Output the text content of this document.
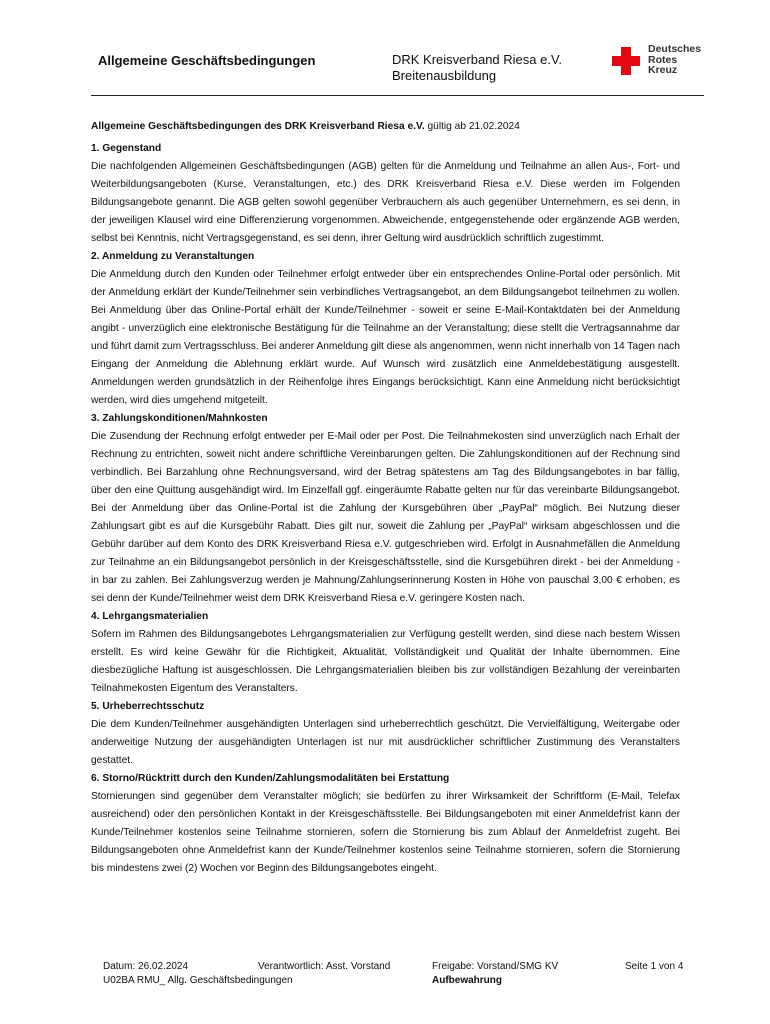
Allgemeine Geschäftsbedingungen	DRK Kreisverband Riesa e.V.
Breitenausbildung
Deutsches
Rotes
Kreuz
Allgemeine Geschäftsbedingungen des DRK Kreisverband Riesa e.V. gültig ab 21.02.2024
1. Gegenstand

Die nachfolgenden Allgemeinen Geschäftsbedingungen (AGB) gelten für die Anmeldung und Teilnahme an allen Aus-, Fort- und Weiterbildungsangeboten (Kurse, Veranstaltungen, etc.) des DRK Kreisverband Riesa e.V. Diese werden im Folgenden Bildungsangebote genannt. Die AGB gelten sowohl gegenüber Verbrauchern als auch gegenüber Unternehmern, es sei denn, in der jeweiligen Klausel wird eine Differenzierung vorgenommen. Abweichende, entgegenstehende oder ergänzende AGB werden, selbst bei Kenntnis, nicht Vertragsgegenstand, es sei denn, ihrer Geltung wird ausdrücklich schriftlich zugestimmt.

2. Anmeldung zu Veranstaltungen

Die Anmeldung durch den Kunden oder Teilnehmer erfolgt entweder über ein entsprechendes Online-Portal oder persönlich. Mit der Anmeldung erklärt der Kunde/Teilnehmer sein verbindliches Vertragsangebot, an dem Bildungsangebot teilnehmen zu wollen. Bei Anmeldung über das Online-Portal erhält der Kunde/Teilnehmer - soweit er seine E-Mail-Kontaktdaten bei der Anmeldung angibt - unverzüglich eine elektronische Bestätigung für die Teilnahme an der Veranstaltung; diese stellt die Vertragsannahme dar und führt damit zum Vertragsschluss. Bei anderer Anmeldung gilt diese als angenommen, wenn nicht innerhalb von 14 Tagen nach Eingang der Anmeldung die Ablehnung erklärt wurde. Auf Wunsch wird zusätzlich eine Anmeldebestätigung ausgestellt. Anmeldungen werden grundsätzlich in der Reihenfolge ihres Eingangs berücksichtigt. Kann eine Anmeldung nicht berücksichtigt werden, wird dies umgehend mitgeteilt.

3. Zahlungskonditionen/Mahnkosten

Die Zusendung der Rechnung erfolgt entweder per E-Mail oder per Post. Die Teilnahmekosten sind unverzüglich nach Erhalt der Rechnung zu entrichten, soweit nicht andere schriftliche Vereinbarungen gelten. Die Zahlungskonditionen auf der Rechnung sind verbindlich. Bei Barzahlung ohne Rechnungsversand, wird der Betrag spätestens am Tag des Bildungsangebotes in bar fällig, über den eine Quittung ausgehändigt wird. Im Einzelfall ggf. eingeräumte Rabatte gelten nur für das vereinbarte Bildungsangebot. Bei der Anmeldung über das Online-Portal ist die Zahlung der Kursgebühren über „PayPal“ möglich. Bei Nutzung dieser Zahlungsart gibt es auf die Kursgebühr Rabatt. Dies gilt nur, soweit die Zahlung per „PayPal“ wirksam abgeschlossen und die Gebühr darüber auf dem Konto des DRK Kreisverband Riesa e.V. gutgeschrieben wird. Erfolgt in Ausnahmefällen die Anmeldung zur Teilnahme an ein Bildungsangebot persönlich in der Kreisgeschäftsstelle, sind die Kursgebühren direkt - bei der Anmeldung - in bar zu zahlen. Bei Zahlungsverzug werden je Mahnung/Zahlungserinnerung Kosten in Höhe von pauschal 3,00 € erhoben, es sei denn der Kunde/Teilnehmer weist dem DRK Kreisverband Riesa e.V. geringere Kosten nach.

4. Lehrgangsmaterialien

Sofern im Rahmen des Bildungsangebotes Lehrgangsmaterialien zur Verfügung gestellt werden, sind diese nach bestem Wissen erstellt. Es wird keine Gewähr für die Richtigkeit, Aktualität, Vollständigkeit und Qualität der Inhalte übernommen. Eine diesbezügliche Haftung ist ausgeschlossen. Die Lehrgangsmaterialien bleiben bis zur vollständigen Bezahlung der vereinbarten Teilnahmekosten Eigentum des Veranstalters.

5. Urheberrechtsschutz

Die dem Kunden/Teilnehmer ausgehändigten Unterlagen sind urheberrechtlich geschützt. Die Vervielfältigung, Weitergabe oder anderweitige Nutzung der ausgehändigten Unterlagen ist nur mit ausdrücklicher schriftlicher Zustimmung des Veranstalters gestattet.

6. Storno/Rücktritt durch den Kunden/Zahlungsmodalitäten bei Erstattung

Stornierungen sind gegenüber dem Veranstalter möglich; sie bedürfen zu ihrer Wirksamkeit der Schriftform (E-Mail, Telefax ausreichend) oder den persönlichen Kontakt in der Kreisgeschäftsstelle. Bei Bildungsangeboten mit einer Anmeldefrist kann der Kunde/Teilnehmer kostenlos seine Teilnahme stornieren, sofern die Stornierung bis zum Ablauf der Anmeldefrist zugeht. Bei Bildungsangeboten ohne Anmeldefrist kann der Kunde/Teilnehmer kostenlos seine Teilnahme stornieren, sofern die Stornierung bis mindestens zwei (2) Wochen vor Beginn des Bildungsangebotes eingeht.

Datum: 26.02.2024
U02BA RMU_ Allg. Geschäftsbedingungen
Verantwortlich: Asst. Vorstand	Freigabe: Vorstand/SMG KV
Aufbewahrung
Seite 1 von 4
